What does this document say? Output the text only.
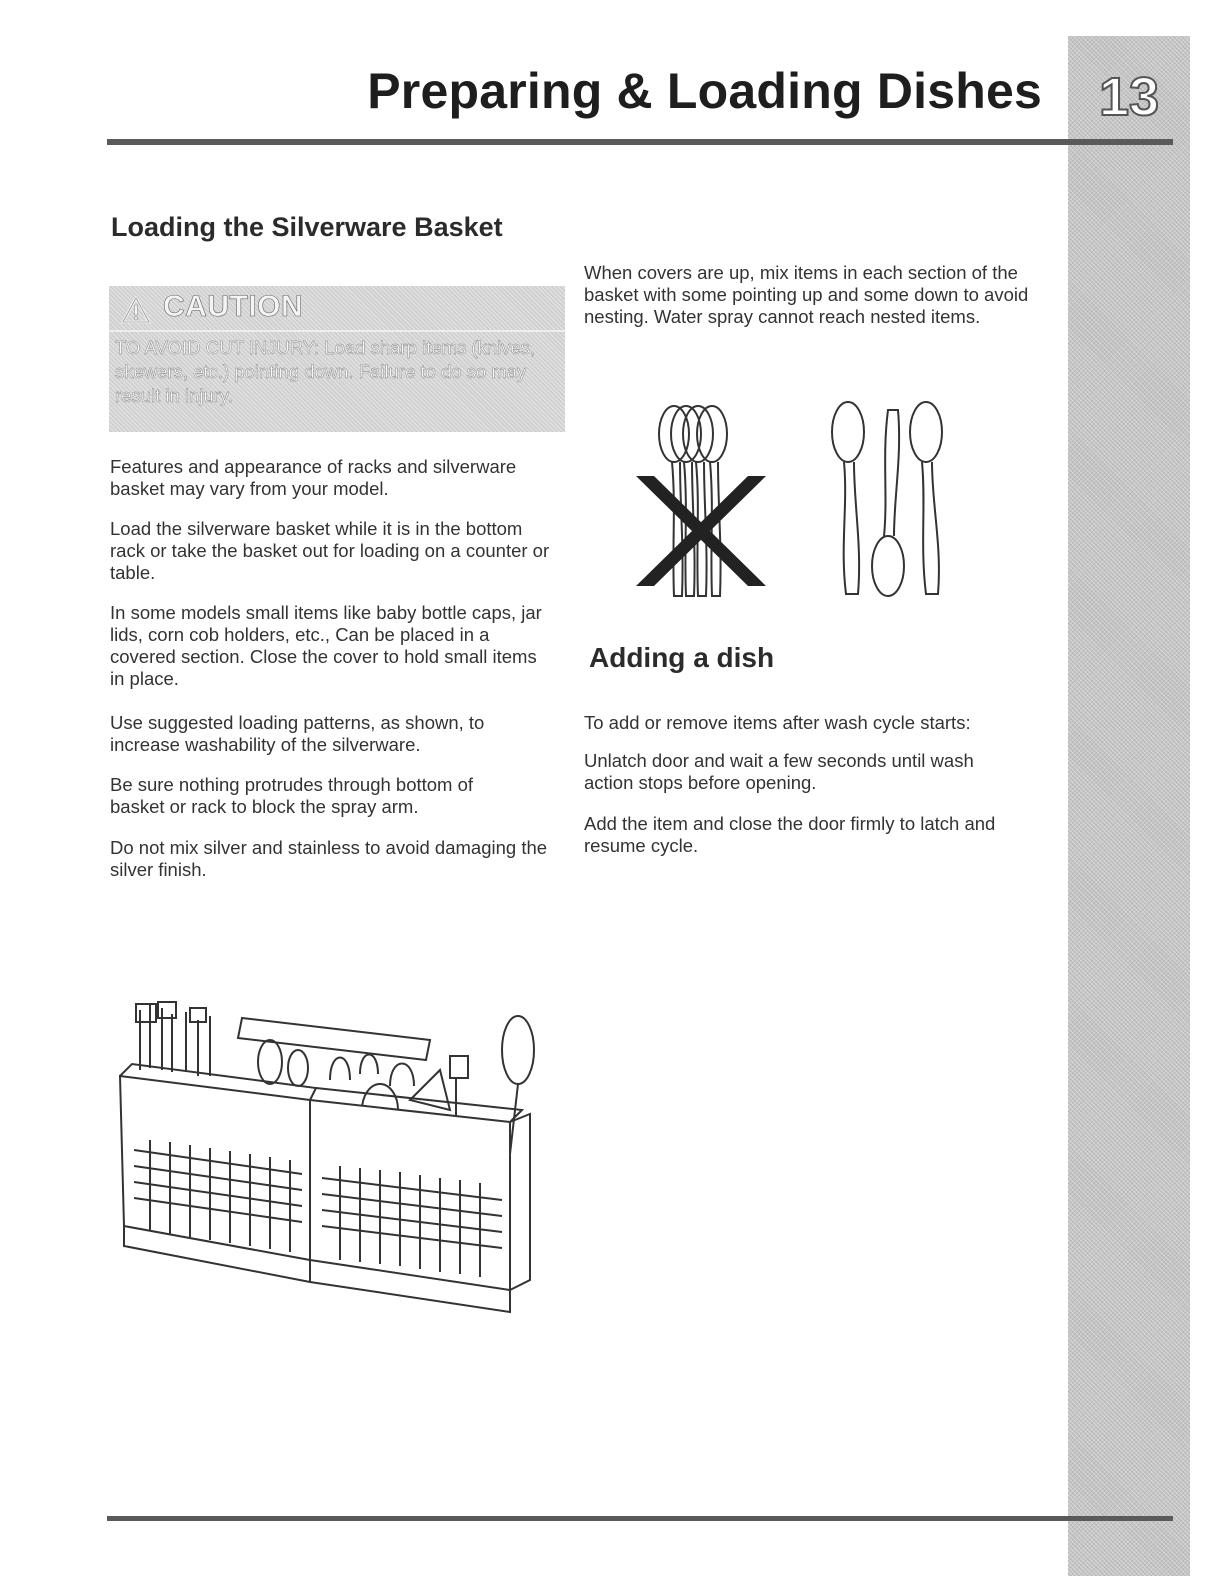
13
Preparing & Loading Dishes
Loading the Silverware Basket
CAUTION

TO AVOID CUT INJURY: Load sharp items (knives, skewers, etc.) pointing down. Failure to do so may result in injury.

Features and appearance of racks and silverware basket may vary from your model.

Load the silverware basket while it is in the bottom rack or take the basket out for loading on a counter or table.

In some models small items like baby bottle caps, jar lids, corn cob holders, etc., Can be placed in a covered section. Close the cover to hold small items in place.

Use suggested loading patterns, as shown, to increase washability of the silverware.

Be sure nothing protrudes through bottom of basket or rack to block the spray arm.

Do not mix silver and stainless to avoid damaging the silver finish.

When covers are up, mix items in each section of the basket with some pointing up and some down to avoid nesting. Water spray cannot reach nested items.

Adding a dish

To add or remove items after wash cycle starts:

Unlatch door and wait a few seconds until wash action stops before opening.

Add the item and close the door firmly to latch and resume cycle.
